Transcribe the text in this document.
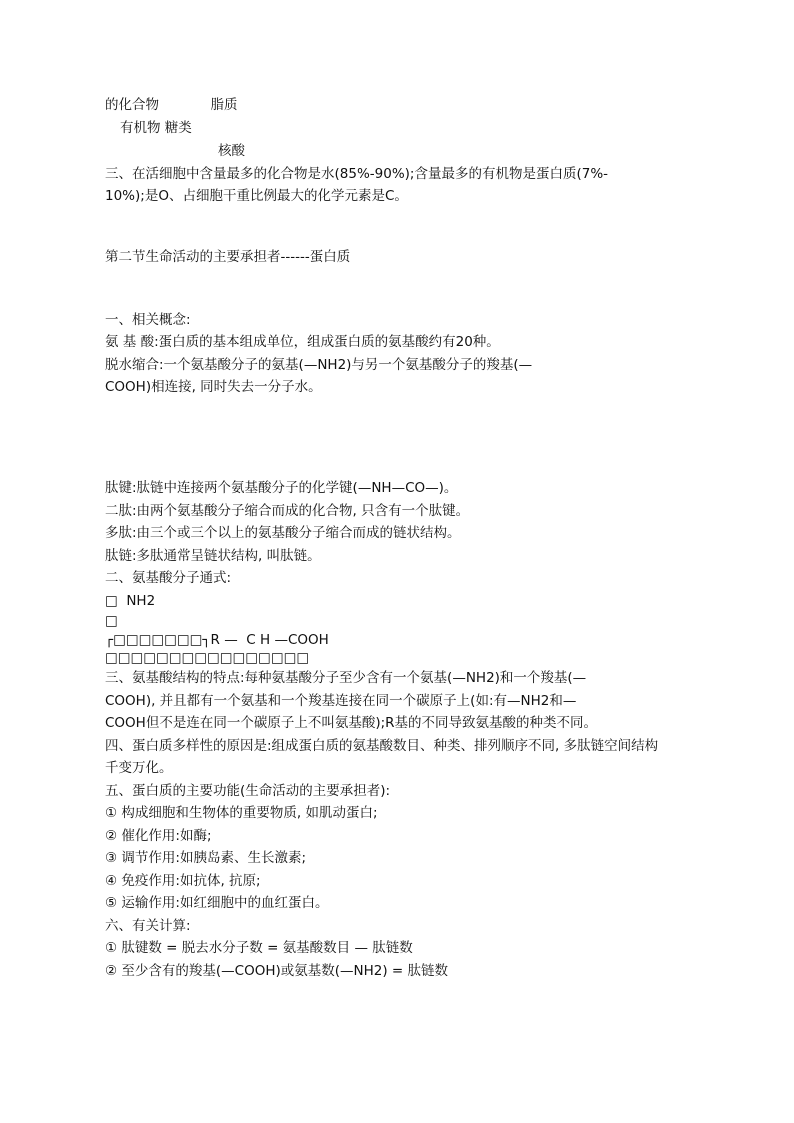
的化合物            脂质
有机物 糖类
核酸
三、在活细胞中含量最多的化合物是水(85%-90%);含量最多的有机物是蛋白质(7%-
10%);是O、占细胞干重比例最大的化学元素是C。
第二节生命活动的主要承担者------蛋白质
一、相关概念:
氨 基 酸:蛋白质的基本组成单位，组成蛋白质的氨基酸约有20种。
脱水缩合:一个氨基酸分子的氨基(—NH2)与另一个氨基酸分子的羧基(—
COOH)相连接, 同时失去一分子水。
肽键:肽链中连接两个氨基酸分子的化学键(—NH—CO—)。
二肽:由两个氨基酸分子缩合而成的化合物, 只含有一个肽键。
多肽:由三个或三个以上的氨基酸分子缩合而成的链状结构。
肽链:多肽通常呈链状结构, 叫肽链。
二、氨基酸分子通式:
□  NH2
□
┌□□□□□□□┐R —  C H —COOH
□□□□□□□□□□□□□□□□
三、氨基酸结构的特点:每种氨基酸分子至少含有一个氨基(—NH2)和一个羧基(—
COOH), 并且都有一个氨基和一个羧基连接在同一个碳原子上(如:有—NH2和—
COOH但不是连在同一个碳原子上不叫氨基酸);R基的不同导致氨基酸的种类不同。
四、蛋白质多样性的原因是:组成蛋白质的氨基酸数目、种类、排列顺序不同, 多肽链空间结构
千变万化。
五、蛋白质的主要功能(生命活动的主要承担者):
① 构成细胞和生物体的重要物质, 如肌动蛋白;
② 催化作用:如酶;
③ 调节作用:如胰岛素、生长激素;
④ 免疫作用:如抗体, 抗原;
⑤ 运输作用:如红细胞中的血红蛋白。
六、有关计算:
① 肽键数 = 脱去水分子数 = 氨基酸数目 — 肽链数
② 至少含有的羧基(—COOH)或氨基数(—NH2) = 肽链数
